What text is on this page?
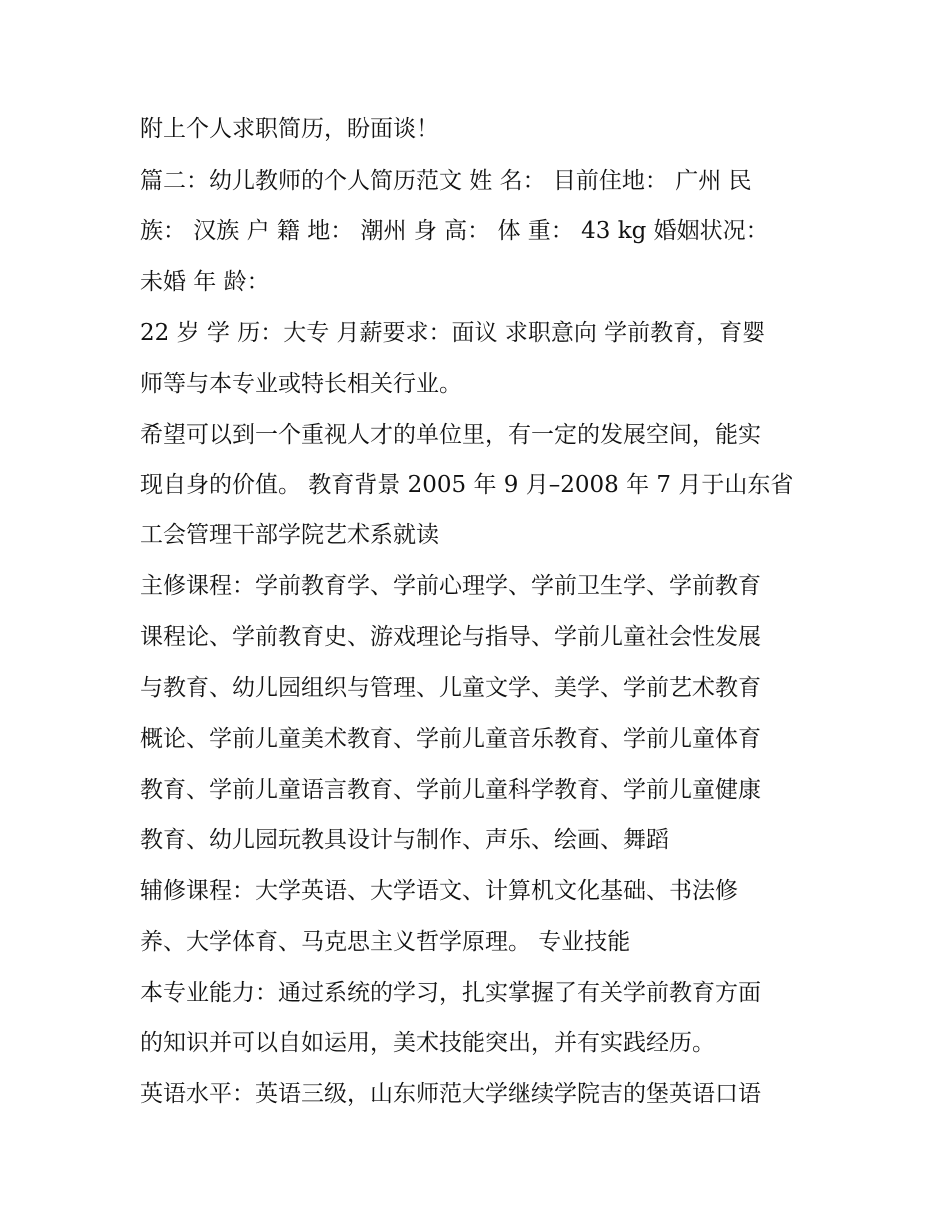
附上个人求职简历，盼面谈！
篇二：幼儿教师的个人简历范文 姓 名： 目前住地： 广州 民
族： 汉族 户 籍 地： 潮州 身 高： 体 重： 43 kg 婚姻状况：
未婚 年 龄：
22 岁 学 历：大专 月薪要求：面议 求职意向 学前教育，育婴
师等与本专业或特长相关行业。
希望可以到一个重视人才的单位里，有一定的发展空间，能实
现自身的价值。 教育背景 2005 年 9 月–2008 年 7 月于山东省
工会管理干部学院艺术系就读
主修课程：学前教育学、学前心理学、学前卫生学、学前教育
课程论、学前教育史、游戏理论与指导、学前儿童社会性发展
与教育、幼儿园组织与管理、儿童文学、美学、学前艺术教育
概论、学前儿童美术教育、学前儿童音乐教育、学前儿童体育
教育、学前儿童语言教育、学前儿童科学教育、学前儿童健康
教育、幼儿园玩教具设计与制作、声乐、绘画、舞蹈
辅修课程：大学英语、大学语文、计算机文化基础、书法修
养、大学体育、马克思主义哲学原理。 专业技能
本专业能力：通过系统的学习，扎实掌握了有关学前教育方面
的知识并可以自如运用，美术技能突出，并有实践经历。
英语水平：英语三级，山东师范大学继续学院吉的堡英语口语
